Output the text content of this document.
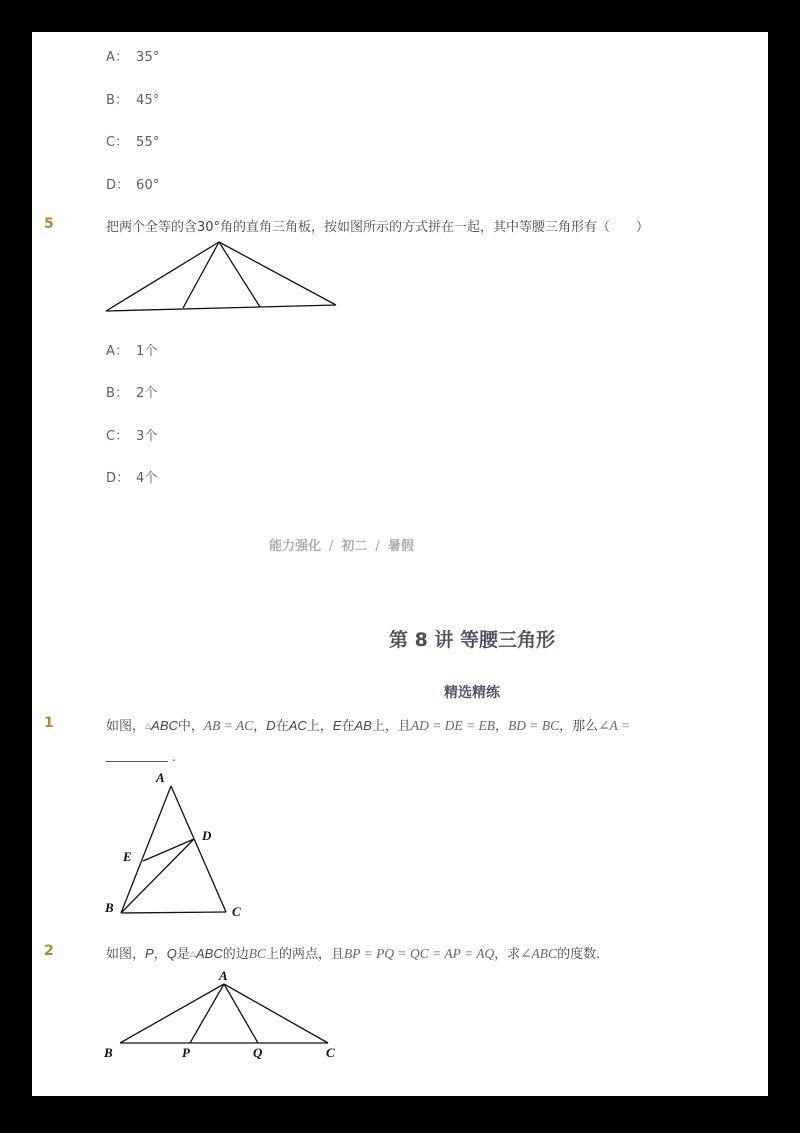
A： 35°
B： 45°
C： 55°
D： 60°
5	把两个全等的含30°角的直角三角板，按如图所示的方式拼在一起，其中等腰三角形有（　　）
A： 1个
B： 2个
C： 3个
D： 4个
能力强化 / 初二 / 暑假
第 8 讲 等腰三角形
精选精练
1	如图，△ABC中，AB = AC，D在AC上，E在AB上，且AD = DE = EB，BD = BC，那么∠A =
.
A
D
E
B	C
2	如图，P，Q是△ABC的边BC上的两点，且BP = PQ = QC = AP = AQ，求∠ABC的度数．
A
B	P	Q	C
